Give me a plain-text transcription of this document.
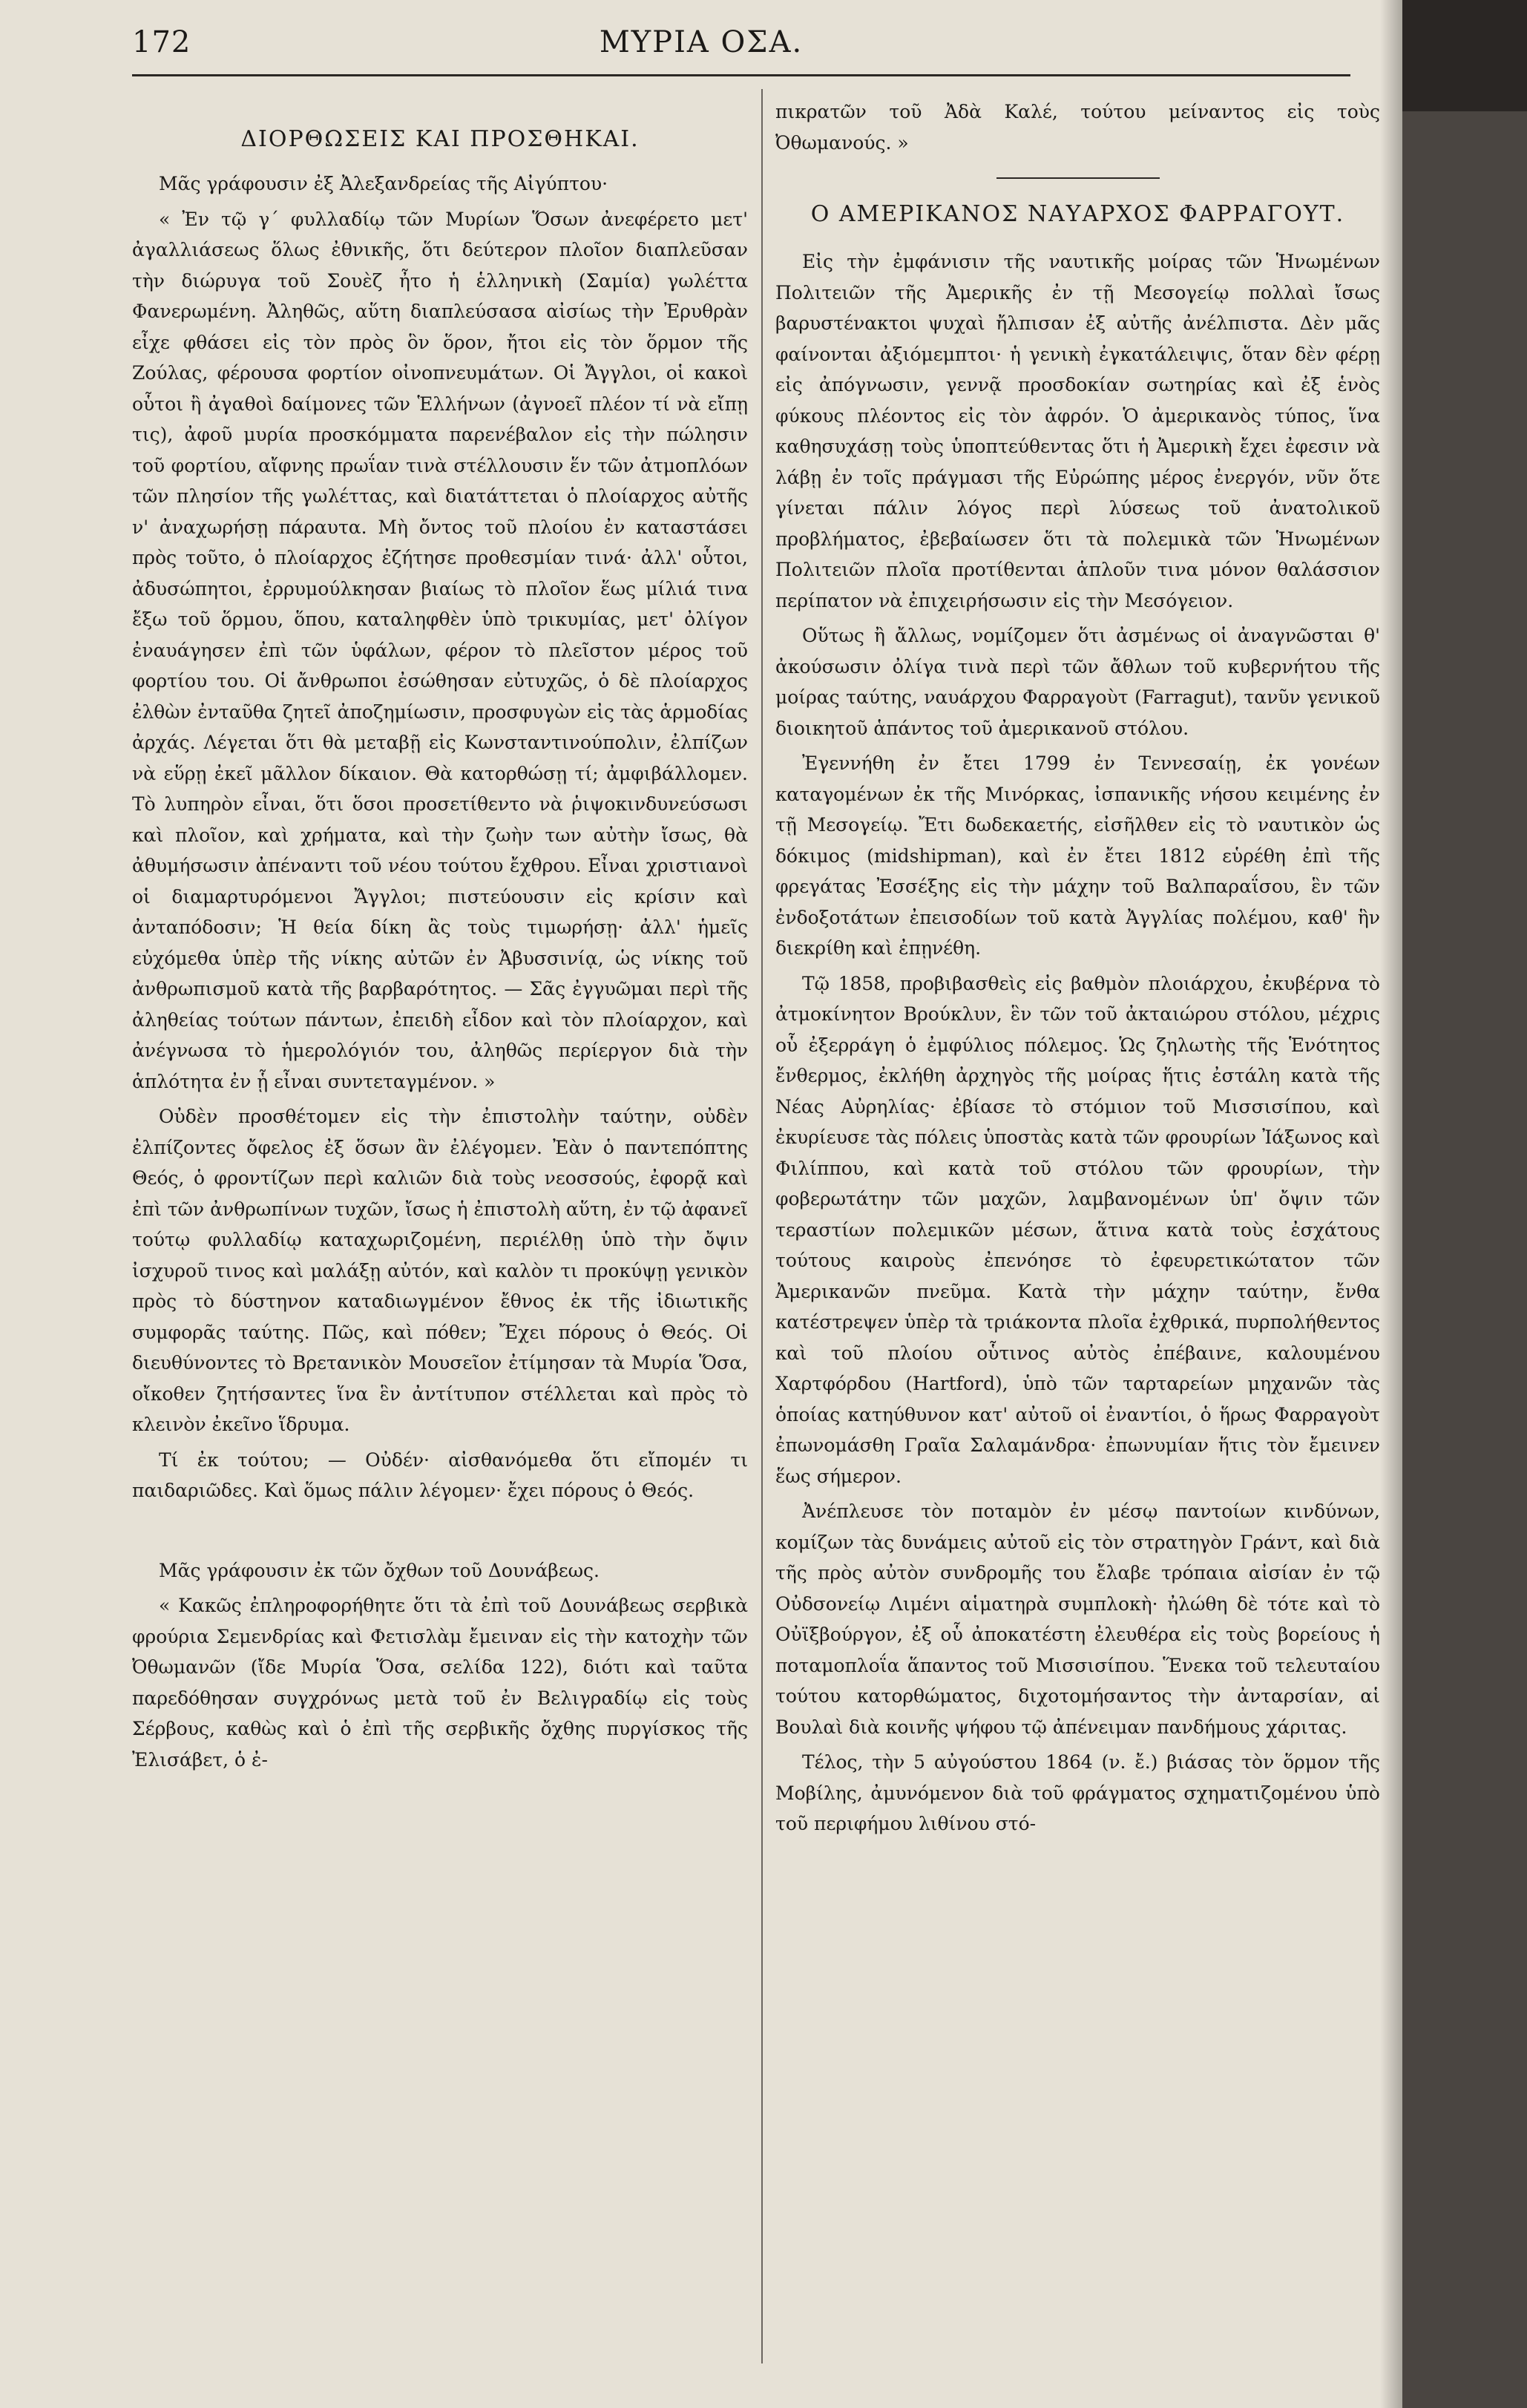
172	ΜΥΡΙΑ ΟΣΑ.
ΔΙΟΡΘΩΣΕΙΣ ΚΑΙ ΠΡΟΣΘΗΚΑΙ.

Μᾶς γράφουσιν ἐξ Ἀλεξανδρείας τῆς Αἰγύπτου·

« Ἐν τῷ γ΄ φυλλαδίῳ τῶν Μυρίων Ὅσων ἀνεφέρετο μετ' ἀγαλλιάσεως ὅλως ἐθνικῆς, ὅτι δεύτερον πλοῖον διαπλεῦσαν τὴν διώρυγα τοῦ Σουὲζ ἦτο ἡ ἑλληνικὴ (Σαμία) γωλέττα Φανερωμένη. Ἀληθῶς, αὕτη διαπλεύσασα αἰσίως τὴν Ἐρυθρὰν εἶχε φθάσει εἰς τὸν πρὸς ὃν ὅρον, ἤτοι εἰς τὸν ὅρμον τῆς Ζούλας, φέρουσα φορτίον οἰνοπνευμάτων. Οἱ Ἄγγλοι, οἱ κακοὶ οὗτοι ἢ ἀγαθοὶ δαίμονες τῶν Ἑλλήνων (ἀγνοεῖ πλέον τί νὰ εἴπῃ τις), ἀφοῦ μυρία προσκόμματα παρενέβαλον εἰς τὴν πώλησιν τοῦ φορτίου, αἴφνης πρωΐαν τινὰ στέλλουσιν ἕν τῶν ἀτμοπλόων τῶν πλησίον τῆς γωλέττας, καὶ διατάττεται ὁ πλοίαρχος αὐτῆς ν' ἀναχωρήσῃ πάραυτα. Μὴ ὄντος τοῦ πλοίου ἐν καταστάσει πρὸς τοῦτο, ὁ πλοίαρχος ἐζήτησε προθεσμίαν τινά· ἀλλ' οὗτοι, ἀδυσώπητοι, ἐρρυμούλκησαν βιαίως τὸ πλοῖον ἕως μίλιά τινα ἔξω τοῦ ὅρμου, ὅπου, καταληφθὲν ὑπὸ τρικυμίας, μετ' ὀλίγον ἐναυάγησεν ἐπὶ τῶν ὑφάλων, φέρον τὸ πλεῖστον μέρος τοῦ φορτίου του. Οἱ ἄνθρωποι ἐσώθησαν εὐτυχῶς, ὁ δὲ πλοίαρχος ἐλθὼν ἐνταῦθα ζητεῖ ἀποζημίωσιν, προσφυγὼν εἰς τὰς ἁρμοδίας ἀρχάς. Λέγεται ὅτι θὰ μεταβῇ εἰς Κωνσταντινούπολιν, ἐλπίζων νὰ εὕρῃ ἐκεῖ μᾶλλον δίκαιον. Θὰ κατορθώσῃ τί; ἀμφιβάλλομεν. Τὸ λυπηρὸν εἶναι, ὅτι ὅσοι προσετίθεντο νὰ ῥιψοκινδυνεύσωσι καὶ πλοῖον, καὶ χρήματα, καὶ τὴν ζωὴν των αὐτὴν ἴσως, θὰ ἀθυμήσωσιν ἀπέναντι τοῦ νέου τούτου ἔχθρου. Εἶναι χριστιανοὶ οἱ διαμαρτυρόμενοι Ἄγγλοι; πιστεύουσιν εἰς κρίσιν καὶ ἀνταπόδοσιν; Ἡ θεία δίκη ἂς τοὺς τιμωρήσῃ· ἀλλ' ἡμεῖς εὐχόμεθα ὑπὲρ τῆς νίκης αὐτῶν ἐν Ἀβυσσινίᾳ, ὡς νίκης τοῦ ἀνθρωπισμοῦ κατὰ τῆς βαρβαρότητος. — Σᾶς ἐγγυῶμαι περὶ τῆς ἀληθείας τούτων πάντων, ἐπειδὴ εἶδον καὶ τὸν πλοίαρχον, καὶ ἀνέγνωσα τὸ ἡμερολόγιόν του, ἀληθῶς περίεργον διὰ τὴν ἁπλότητα ἐν ᾗ εἶναι συντεταγμένον. »

Οὐδὲν προσθέτομεν εἰς τὴν ἐπιστολὴν ταύτην, οὐδὲν ἐλπίζοντες ὄφελος ἐξ ὅσων ἂν ἐλέγομεν. Ἐὰν ὁ παντεπόπτης Θεός, ὁ φροντίζων περὶ καλιῶν διὰ τοὺς νεοσσούς, ἐφορᾷ καὶ ἐπὶ τῶν ἀνθρωπίνων τυχῶν, ἴσως ἡ ἐπιστολὴ αὕτη, ἐν τῷ ἀφανεῖ τούτῳ φυλλαδίῳ καταχωριζομένη, περιέλθῃ ὑπὸ τὴν ὄψιν ἰσχυροῦ τινος καὶ μαλάξῃ αὐτόν, καὶ καλὸν τι προκύψῃ γενικὸν πρὸς τὸ δύστηνον καταδιωγμένον ἔθνος ἐκ τῆς ἰδιωτικῆς συμφορᾶς ταύτης. Πῶς, καὶ πόθεν; Ἔχει πόρους ὁ Θεός. Οἱ διευθύνοντες τὸ Βρετανικὸν Μουσεῖον ἐτίμησαν τὰ Μυρία Ὅσα, οἴκοθεν ζητήσαντες ἵνα ἓν ἀντίτυπον στέλλεται καὶ πρὸς τὸ κλεινὸν ἐκεῖνο ἵδρυμα.

Τί ἐκ τούτου; — Οὐδέν· αἰσθανόμεθα ὅτι εἴπομέν τι παιδαριῶδες. Καὶ ὅμως πάλιν λέγομεν· ἔχει πόρους ὁ Θεός.

Μᾶς γράφουσιν ἐκ τῶν ὄχθων τοῦ Δουνάβεως.

« Κακῶς ἐπληροφορήθητε ὅτι τὰ ἐπὶ τοῦ Δουνάβεως σερβικὰ φρούρια Σεμενδρίας καὶ Φετισλὰμ ἔμειναν εἰς τὴν κατοχὴν τῶν Ὀθωμανῶν (ἴδε Μυρία Ὅσα, σελίδα 122), διότι καὶ ταῦτα παρεδόθησαν συγχρόνως μετὰ τοῦ ἐν Βελιγραδίῳ εἰς τοὺς Σέρβους, καθὼς καὶ ὁ ἐπὶ τῆς σερβικῆς ὄχθης πυργίσκος τῆς Ἐλισάβετ, ὁ ἐ-

πικρατῶν τοῦ Ἀδὰ Καλέ, τούτου μείναντος εἰς τοὺς Ὀθωμανούς. »

Ο ΑΜΕΡΙΚΑΝΟΣ ΝΑΥΑΡΧΟΣ ΦΑΡΡΑΓΟΥΤ.

Εἰς τὴν ἐμφάνισιν τῆς ναυτικῆς μοίρας τῶν Ἡνωμένων Πολιτειῶν τῆς Ἀμερικῆς ἐν τῇ Μεσογείῳ πολλαὶ ἴσως βαρυστένακτοι ψυχαὶ ἤλπισαν ἐξ αὐτῆς ἀνέλπιστα. Δὲν μᾶς φαίνονται ἀξιόμεμπτοι· ἡ γενικὴ ἐγκατάλειψις, ὅταν δὲν φέρῃ εἰς ἀπόγνωσιν, γεννᾷ προσδοκίαν σωτηρίας καὶ ἐξ ἑνὸς φύκους πλέοντος εἰς τὸν ἀφρόν. Ὁ ἀμερικανὸς τύπος, ἵνα καθησυχάσῃ τοὺς ὑποπτεύθεντας ὅτι ἡ Ἀμερικὴ ἔχει ἐφεσιν νὰ λάβῃ ἐν τοῖς πράγμασι τῆς Εὐρώπης μέρος ἐνεργόν, νῦν ὅτε γίνεται πάλιν λόγος περὶ λύσεως τοῦ ἀνατολικοῦ προβλήματος, ἐβεβαίωσεν ὅτι τὰ πολεμικὰ τῶν Ἡνωμένων Πολιτειῶν πλοῖα προτίθενται ἁπλοῦν τινα μόνον θαλάσσιον περίπατον νὰ ἐπιχειρήσωσιν εἰς τὴν Μεσόγειον.

Οὕτως ἢ ἄλλως, νομίζομεν ὅτι ἀσμένως οἱ ἀναγνῶσται θ' ἀκούσωσιν ὀλίγα τινὰ περὶ τῶν ἄθλων τοῦ κυβερνήτου τῆς μοίρας ταύτης, ναυάρχου Φαρραγοὺτ (Farragut), τανῦν γενικοῦ διοικητοῦ ἁπάντος τοῦ ἀμερικανοῦ στόλου.

Ἐγεννήθη ἐν ἔτει 1799 ἐν Τεννεσαίῃ, ἐκ γονέων καταγομένων ἐκ τῆς Μινόρκας, ἰσπανικῆς νήσου κειμένης ἐν τῇ Μεσογείῳ. Ἔτι δωδεκαετής, εἰσῆλθεν εἰς τὸ ναυτικὸν ὡς δόκιμος (midshipman), καὶ ἐν ἔτει 1812 εὑρέθη ἐπὶ τῆς φρεγάτας Ἐσσέξης εἰς τὴν μάχην τοῦ Βαλπαραΐσου, ἓν τῶν ἐνδοξοτάτων ἐπεισοδίων τοῦ κατὰ Ἀγγλίας πολέμου, καθ' ἣν διεκρίθη καὶ ἐπῃνέθη.

Τῷ 1858, προβιβασθεὶς εἰς βαθμὸν πλοιάρχου, ἐκυβέρνα τὸ ἀτμοκίνητον Βρούκλυν, ἓν τῶν τοῦ ἀκταιώρου στόλου, μέχρις οὗ ἐξερράγη ὁ ἐμφύλιος πόλεμος. Ὡς ζηλωτὴς τῆς Ἑνότητος ἔνθερμος, ἐκλήθη ἀρχηγὸς τῆς μοίρας ἥτις ἐστάλη κατὰ τῆς Νέας Αὐρηλίας· ἐβίασε τὸ στόμιον τοῦ Μισσισίπου, καὶ ἐκυρίευσε τὰς πόλεις ὑποστὰς κατὰ τῶν φρουρίων Ἰάξωνος καὶ Φιλίππου, καὶ κατὰ τοῦ στόλου τῶν φρουρίων, τὴν φοβερωτάτην τῶν μαχῶν, λαμβανομένων ὑπ' ὄψιν τῶν τεραστίων πολεμικῶν μέσων, ἅτινα κατὰ τοὺς ἐσχάτους τούτους καιροὺς ἐπενόησε τὸ ἐφευρετικώτατον τῶν Ἀμερικανῶν πνεῦμα. Κατὰ τὴν μάχην ταύτην, ἔνθα κατέστρεψεν ὑπὲρ τὰ τριάκοντα πλοῖα ἐχθρικά, πυρπολήθεντος καὶ τοῦ πλοίου οὗτινος αὐτὸς ἐπέβαινε, καλουμένου Χαρτφόρδου (Hartford), ὑπὸ τῶν ταρταρείων μηχανῶν τὰς ὁποίας κατηύθυνον κατ' αὐτοῦ οἱ ἐναντίοι, ὁ ἥρως Φαρραγοὺτ ἐπωνομάσθη Γραῖα Σαλαμάνδρα· ἐπωνυμίαν ἥτις τὸν ἔμεινεν ἕως σήμερον.

Ἀνέπλευσε τὸν ποταμὸν ἐν μέσῳ παντοίων κινδύνων, κομίζων τὰς δυνάμεις αὐτοῦ εἰς τὸν στρατηγὸν Γράντ, καὶ διὰ τῆς πρὸς αὐτὸν συνδρομῆς του ἔλαβε τρόπαια αἰσίαν ἐν τῷ Οὐδσονείῳ Λιμένι αἱματηρὰ συμπλοκὴ· ἠλώθη δὲ τότε καὶ τὸ Οὐϊξβούργον, ἐξ οὗ ἀποκατέστη ἐλευθέρα εἰς τοὺς βορείους ἡ ποταμοπλοΐα ἅπαντος τοῦ Μισσισίπου. Ἕνεκα τοῦ τελευταίου τούτου κατορθώματος, διχοτομήσαντος τὴν ἀνταρσίαν, αἱ Βουλαὶ διὰ κοινῆς ψήφου τῷ ἀπένειμαν πανδήμους χάριτας.

Τέλος, τὴν 5 αὐγούστου 1864 (ν. ἔ.) βιάσας τὸν ὅρμον τῆς Μοβίλης, ἀμυνόμενον διὰ τοῦ φράγματος σχηματιζομένου ὑπὸ τοῦ περιφήμου λιθίνου στό-
